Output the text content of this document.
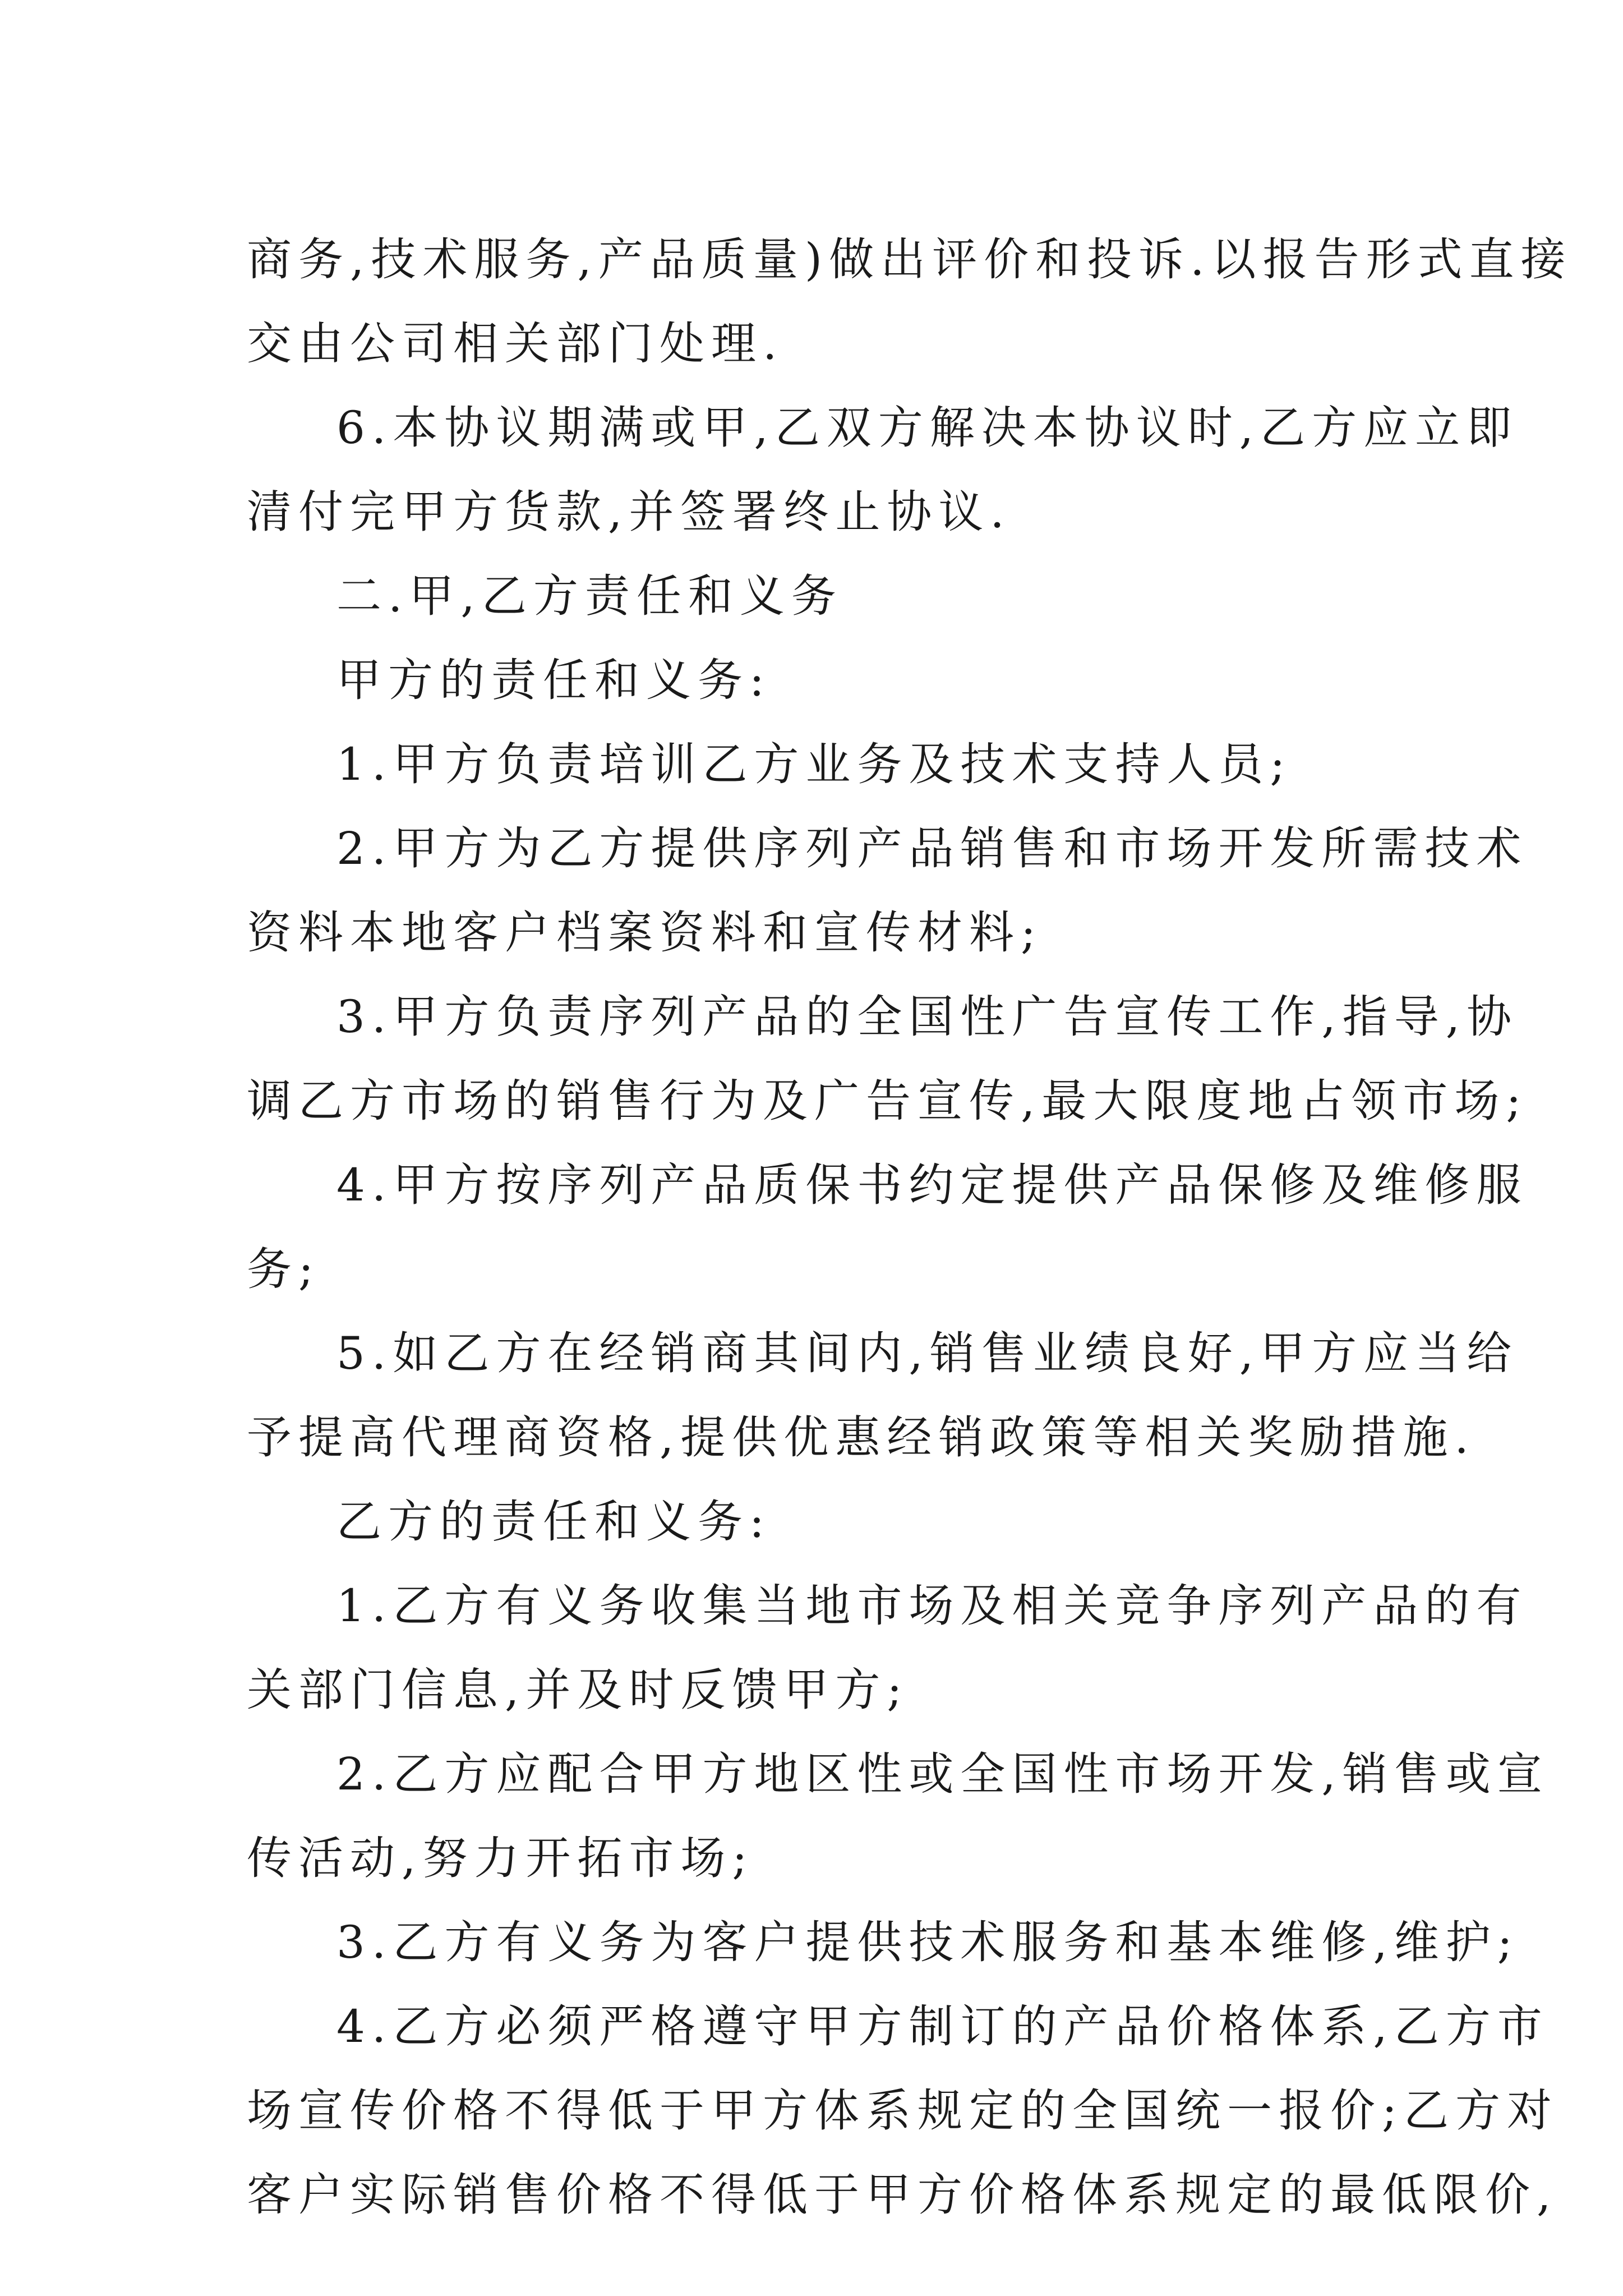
商务,技术服务,产品质量)做出评价和投诉.以报告形式直接
交由公司相关部门处理.
6.本协议期满或甲,乙双方解决本协议时,乙方应立即
清付完甲方货款,并签署终止协议.
二.甲,乙方责任和义务
甲方的责任和义务:
1.甲方负责培训乙方业务及技术支持人员;
2.甲方为乙方提供序列产品销售和市场开发所需技术
资料本地客户档案资料和宣传材料;
3.甲方负责序列产品的全国性广告宣传工作,指导,协
调乙方市场的销售行为及广告宣传,最大限度地占领市场;
4.甲方按序列产品质保书约定提供产品保修及维修服
务;
5.如乙方在经销商其间内,销售业绩良好,甲方应当给
予提高代理商资格,提供优惠经销政策等相关奖励措施.
乙方的责任和义务:
1.乙方有义务收集当地市场及相关竞争序列产品的有
关部门信息,并及时反馈甲方;
2.乙方应配合甲方地区性或全国性市场开发,销售或宣
传活动,努力开拓市场;
3.乙方有义务为客户提供技术服务和基本维修,维护;
4.乙方必须严格遵守甲方制订的产品价格体系,乙方市
场宣传价格不得低于甲方体系规定的全国统一报价;乙方对
客户实际销售价格不得低于甲方价格体系规定的最低限价,
